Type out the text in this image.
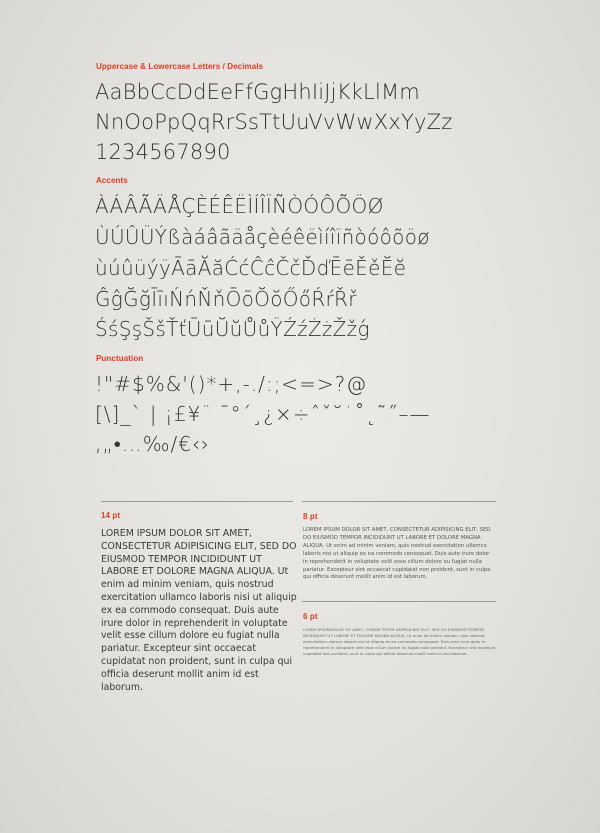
Uppercase & Lowercase Letters / Decimals
AaBbCcDdEeFfGgHhIiJjKkLlMm
NnOoPpQqRrSsTtUuVvWwXxYyZz
1234567890
Accents
ÀÁÂÃÄÅÇÈÉÊËÌÍÎÏÑÒÓÔÕÖØ
ÙÚÛÜÝßàáâãäåçèéêëìíîïñòóôõöø
ùúûüýÿĀāĂăĆćĈĉČčĎďĒēĚěĔĕ
ĜĝĞğĪīıŃńŇňŌōŎŏŐőŔŕŘř
ŚśŞşŠšŤťŪūŬŭŮůŸŹźŻżŽžǵ
Punctuation
!"#$%&'()*+,-./:;<=>?@
[\]_` | ¡£¥¨ ¯°´¸¿×÷ˆˇ˘˙˚˛˜˝–—
‚„•…‰/€‹›
14 pt
LOREM IPSUM DOLOR SIT AMET, CONSECTETUR ADIPISICING ELIT, SED DO EIUSMOD TEMPOR INCIDIDUNT UT LABORE ET DOLORE MAGNA ALIQUA. Ut enim ad minim veniam, quis nostrud exercitation ullamco laboris nisi ut aliquip ex ea commodo consequat. Duis aute irure dolor in reprehenderit in voluptate velit esse cillum dolore eu fugiat nulla pariatur. Excepteur sint occaecat cupidatat non proident, sunt in culpa qui officia deserunt mollit anim id est laborum.
8 pt
LOREM IPSUM DOLOR SIT AMET, CONSECTETUR ADIPISICING ELIT, SED DO EIUSMOD TEMPOR INCIDIDUNT UT LABORE ET DOLORE MAGNA ALIQUA. Ut enim ad minim veniam, quis nostrud exercitation ullamco laboris nisi ut aliquip ex ea commodo consequat. Duis aute irure dolor in reprehenderit in voluptate velit esse cillum dolore eu fugiat nulla pariatur. Excepteur sint occaecat cupidatat non proident, sunt in culpa qui officia deserunt mollit anim id est laborum.
6 pt
LOREM IPSUMDOLOR SIT AMET, CONSECTETUR ADIPISICING ELIT, SED DO EIUSMOD TEMPOR INCIDIDUNT UT LABORE ET DOLORE MAGNA ALIQUA. Ut enim ad minim veniam, quis nostrud exercitation ullamco laboris nisi ut aliquip ex ea commodo consequat. Duis aute irure dolor in reprehenderit in voluptate velit esse cillum dolore eu fugiat nulla pariatur. Excepteur sint occaecat cupidatat non proident, sunt in culpa qui officia deserunt mollit anim id est laborum.
